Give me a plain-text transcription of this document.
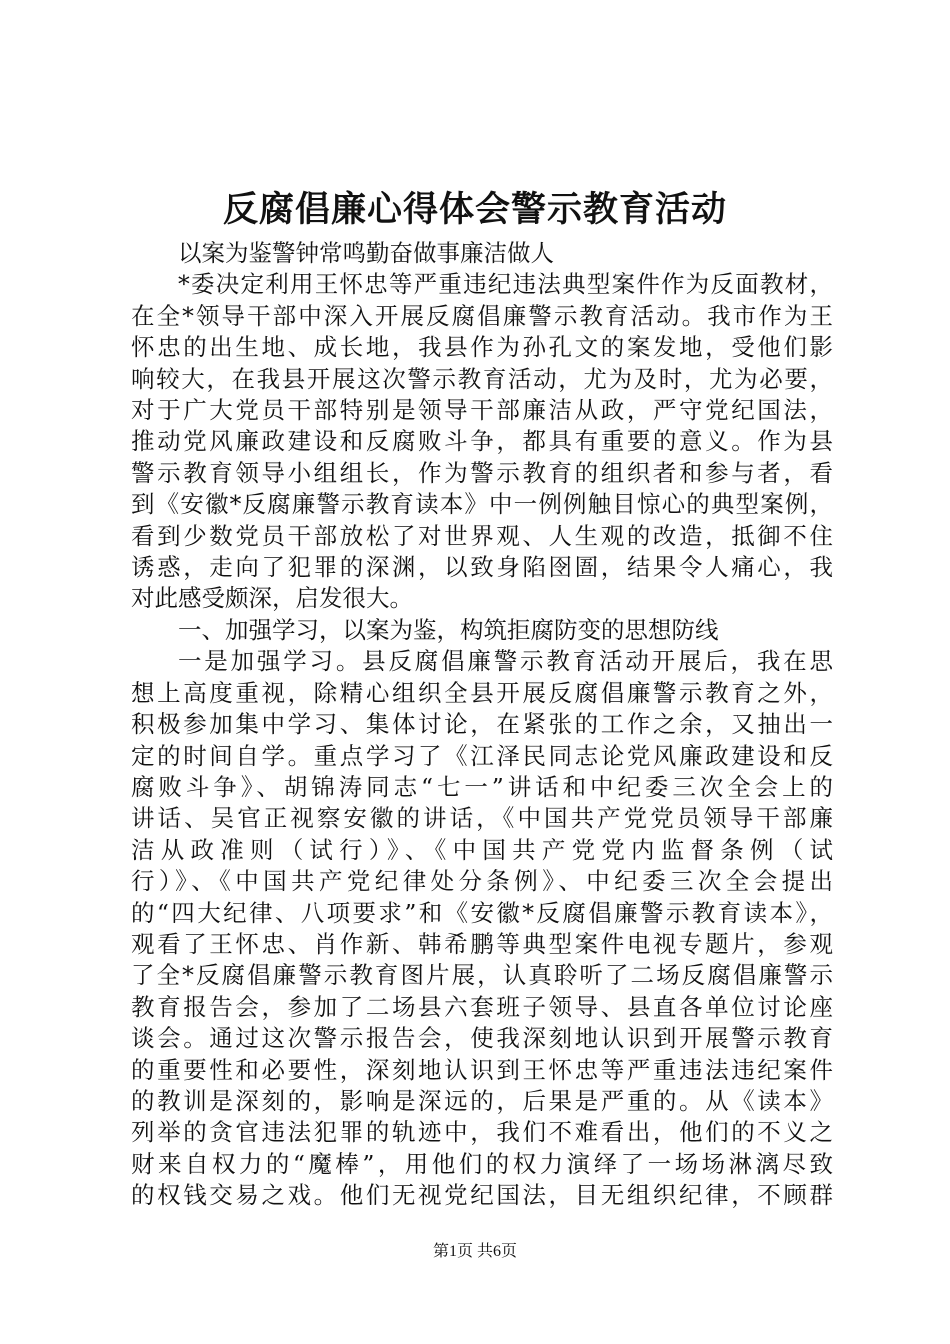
反腐倡廉心得体会警示教育活动
以案为鉴警钟常鸣勤奋做事廉洁做人
*委决定利用王怀忠等严重违纪违法典型案件作为反面教材，
在全*领导干部中深入开展反腐倡廉警示教育活动。我市作为王
怀忠的出生地、成长地，我县作为孙孔文的案发地，受他们影
响较大，在我县开展这次警示教育活动，尤为及时，尤为必要，
对于广大党员干部特别是领导干部廉洁从政，严守党纪国法，
推动党风廉政建设和反腐败斗争，都具有重要的意义。作为县
警示教育领导小组组长，作为警示教育的组织者和参与者，看
到《安徽*反腐廉警示教育读本》中一例例触目惊心的典型案例，
看到少数党员干部放松了对世界观、人生观的改造，抵御不住
诱惑，走向了犯罪的深渊，以致身陷囹圄，结果令人痛心，我
对此感受颇深，启发很大。
一、加强学习，以案为鉴，构筑拒腐防变的思想防线
一是加强学习。县反腐倡廉警示教育活动开展后，我在思
想上高度重视，除精心组织全县开展反腐倡廉警示教育之外，
积极参加集中学习、集体讨论，在紧张的工作之余，又抽出一
定的时间自学。重点学习了《江泽民同志论党风廉政建设和反
腐败斗争》、胡锦涛同志“七一”讲话和中纪委三次全会上的
讲话、吴官正视察安徽的讲话，《中国共产党党员领导干部廉
洁从政准则（试行）》、《中国共产党党内监督条例（试
行）》、《中国共产党纪律处分条例》、中纪委三次全会提出
的“四大纪律、八项要求”和《安徽*反腐倡廉警示教育读本》，
观看了王怀忠、肖作新、韩希鹏等典型案件电视专题片，参观
了全*反腐倡廉警示教育图片展，认真聆听了二场反腐倡廉警示
教育报告会，参加了二场县六套班子领导、县直各单位讨论座
谈会。通过这次警示报告会，使我深刻地认识到开展警示教育
的重要性和必要性，深刻地认识到王怀忠等严重违法违纪案件
的教训是深刻的，影响是深远的，后果是严重的。从《读本》
列举的贪官违法犯罪的轨迹中，我们不难看出，他们的不义之
财来自权力的“魔棒”，用他们的权力演绎了一场场淋漓尽致
的权钱交易之戏。他们无视党纪国法，目无组织纪律，不顾群
第1页 共6页
